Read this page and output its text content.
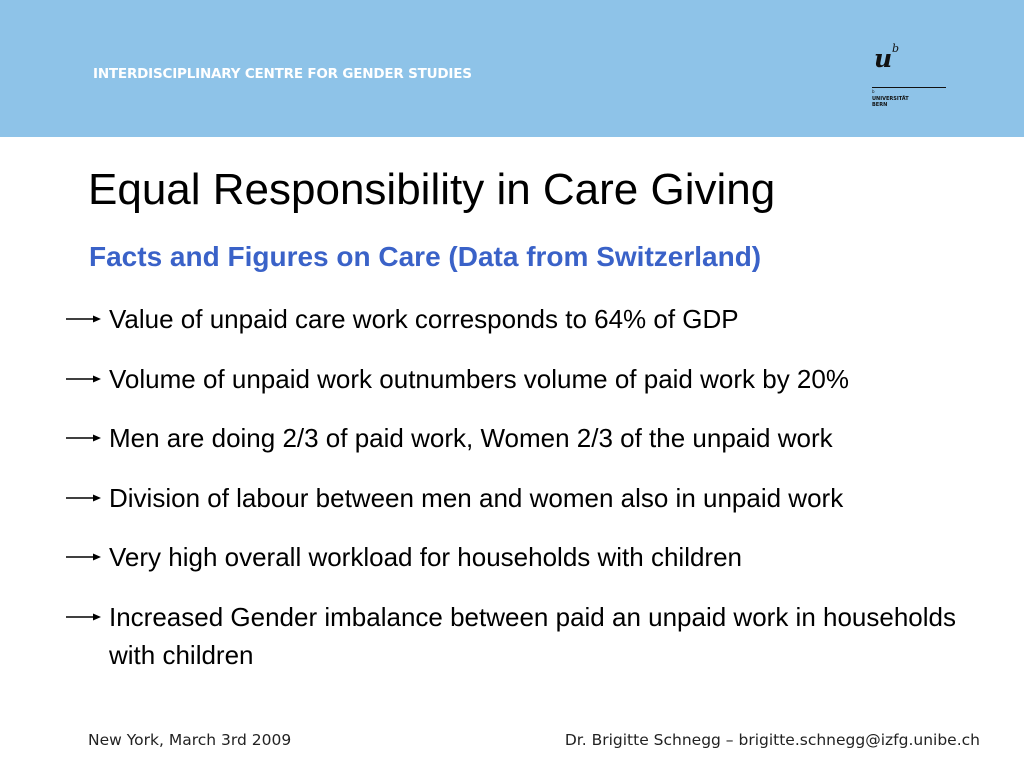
INTERDISCIPLINARY CENTRE FOR GENDER STUDIES
u b
b
UNIVERSITÄT
BERN
Equal Responsibility in Care Giving
Facts and Figures on Care (Data from Switzerland)
Value of unpaid care work corresponds to 64% of GDP
Volume of unpaid work outnumbers volume of paid work by 20%
Men are doing 2/3 of paid work, Women 2/3 of the unpaid work
Division of labour between men and women also in unpaid work
Very high overall workload for households with children
Increased Gender imbalance between paid an unpaid work in households with children
New York, March 3rd 2009	Dr. Brigitte Schnegg – brigitte.schnegg@izfg.unibe.ch
